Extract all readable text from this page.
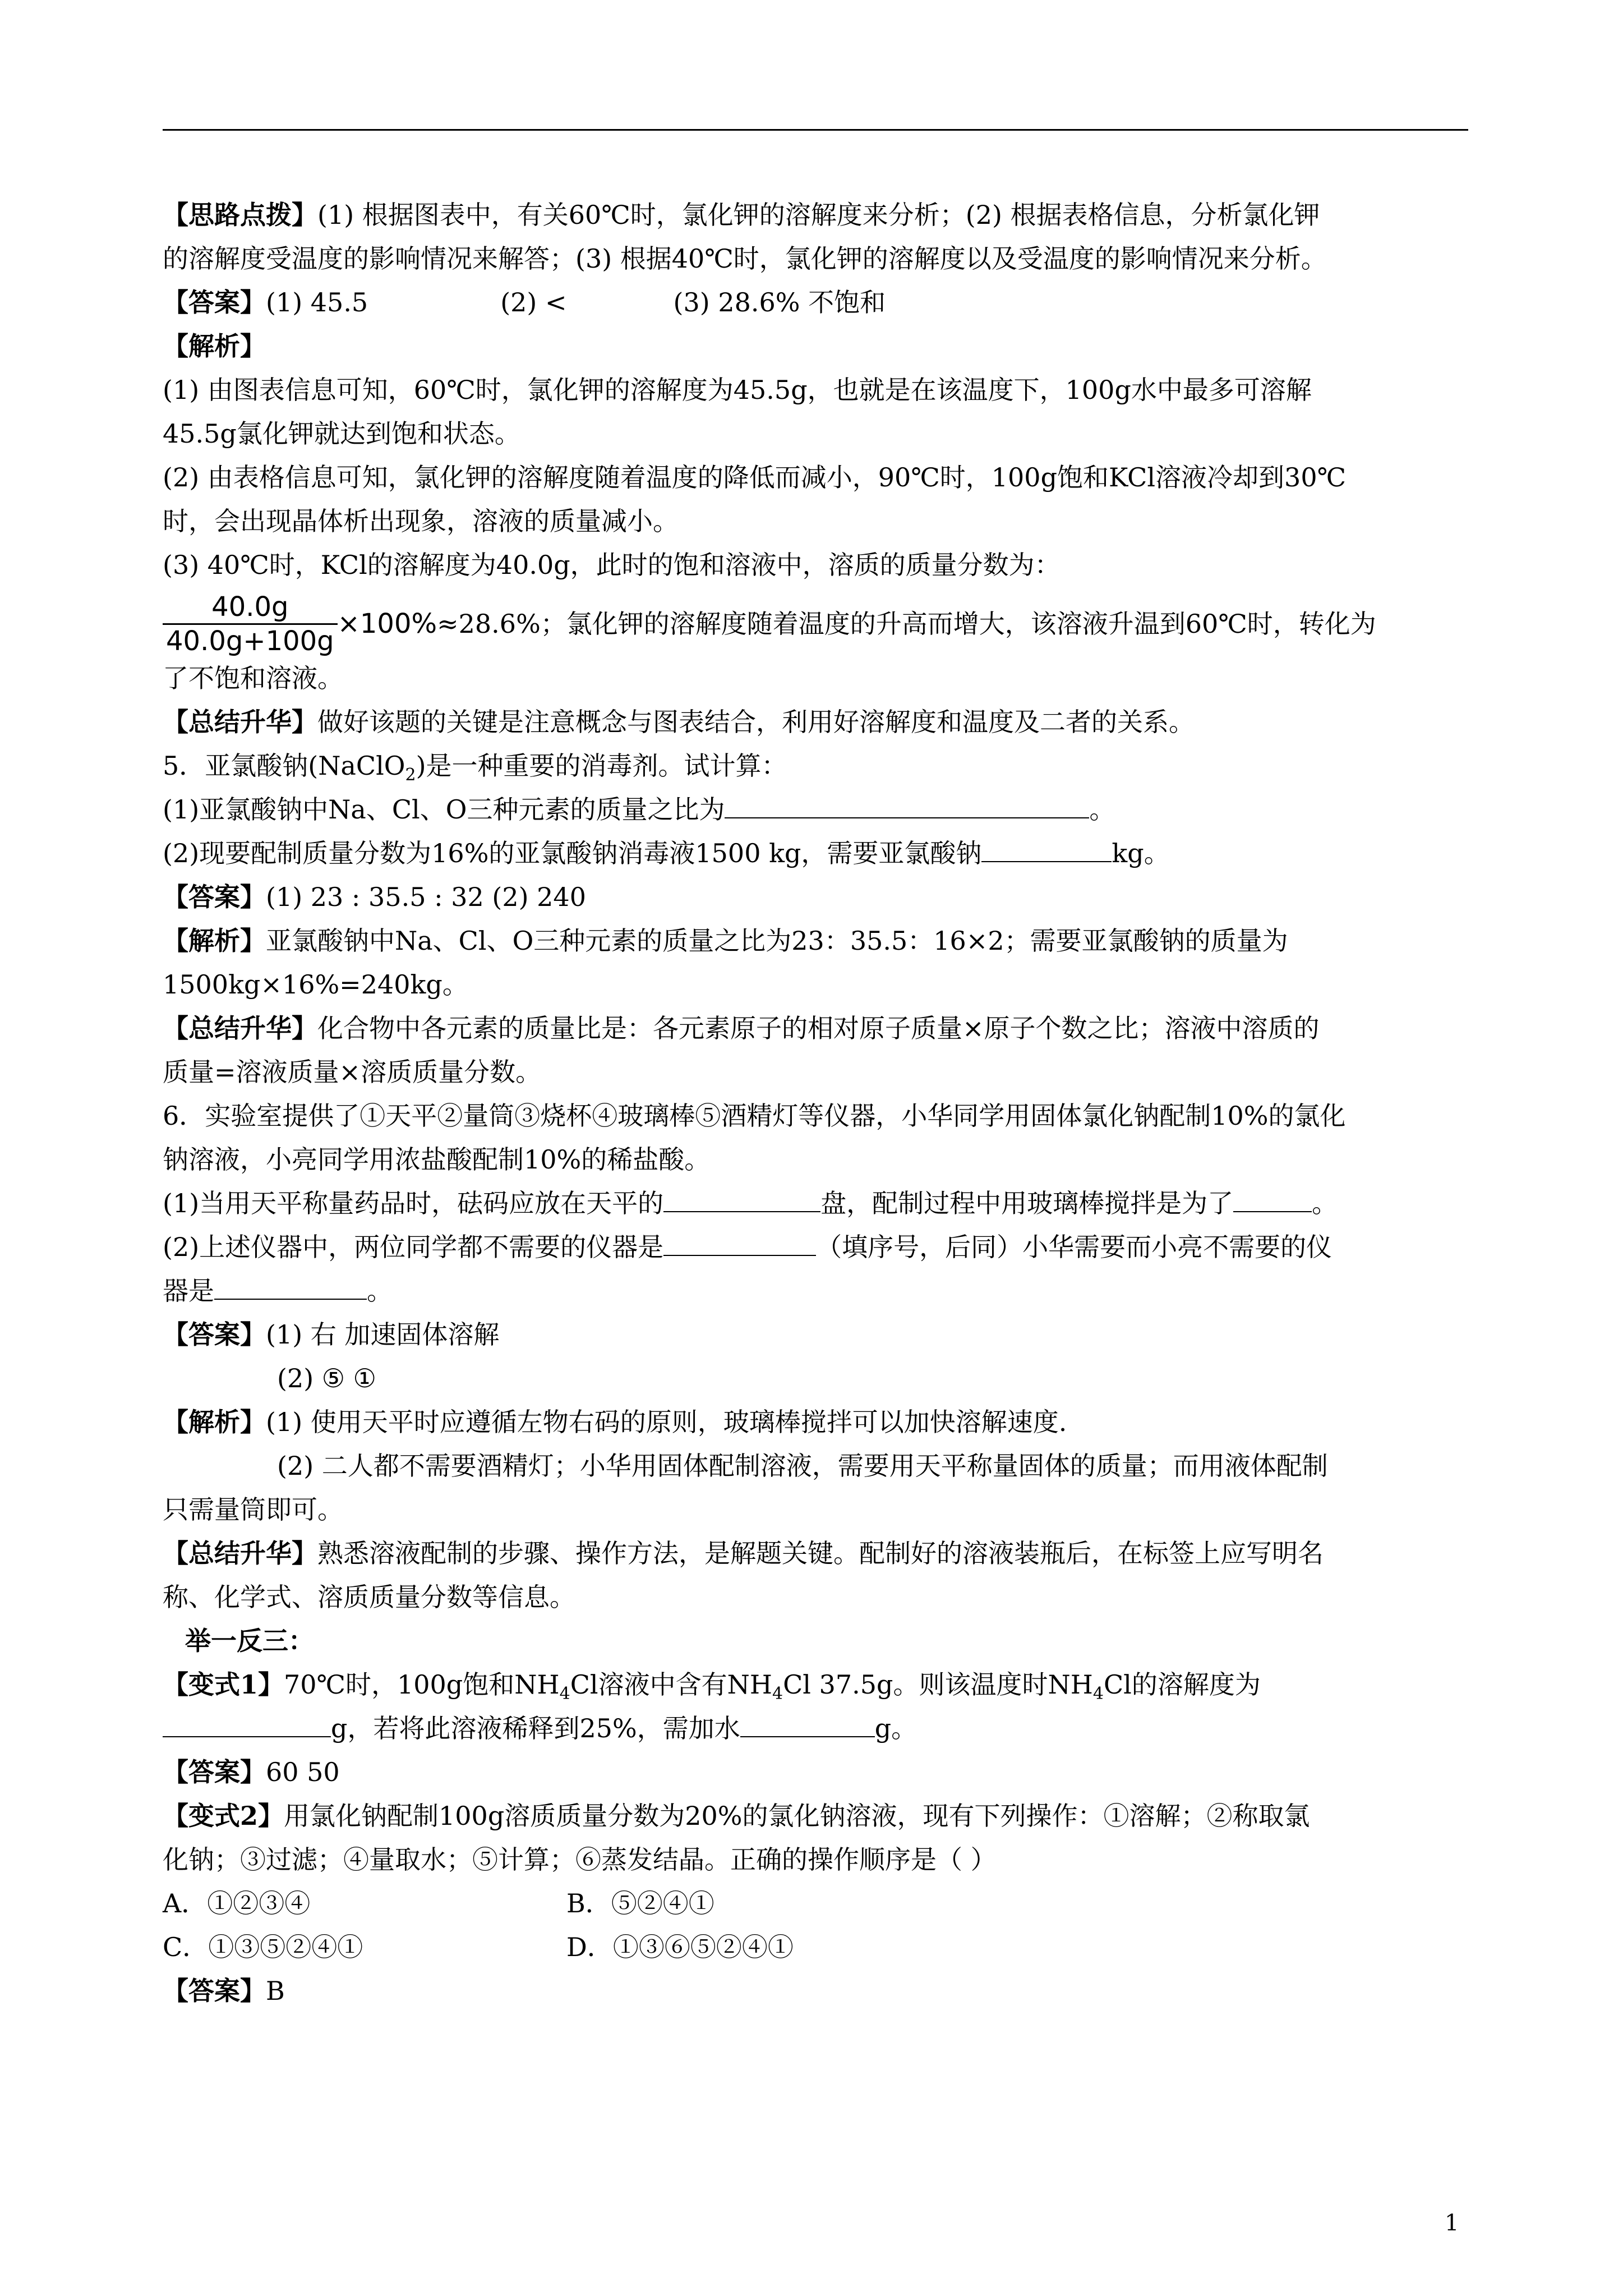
【思路点拨】(1) 根据图表中，有关60℃时，氯化钾的溶解度来分析；(2) 根据表格信息，分析氯化钾
的溶解度受温度的影响情况来解答；(3) 根据40℃时，氯化钾的溶解度以及受温度的影响情况来分析。
【答案】(1) 45.5	(2) <	(3) 28.6% 不饱和
【解析】
(1) 由图表信息可知，60℃时，氯化钾的溶解度为45.5g，也就是在该温度下，100g水中最多可溶解
45.5g氯化钾就达到饱和状态。
(2) 由表格信息可知，氯化钾的溶解度随着温度的降低而减小，90℃时，100g饱和KCl溶液冷却到30℃
时，会出现晶体析出现象，溶液的质量减小。
(3) 40℃时，KCl的溶解度为40.0g，此时的饱和溶液中，溶质的质量分数为：
$\frac{40.0g}{40.0g+100g} \times 100\%\approx 28.6\%$；氯化钾的溶解度随着温度的升高而增大，该溶液升温到60℃时，转化为
了不饱和溶液。
【总结升华】做好该题的关键是注意概念与图表结合，利用好溶解度和温度及二者的关系。
5．亚氯酸钠(NaClO$_2$)是一种重要的消毒剂。试计算：
(1)亚氯酸钠中Na、Cl、O三种元素的质量之比为	。
(2)现要配制质量分数为16%的亚氯酸钠消毒液1500 kg，需要亚氯酸钠	kg。
【答案】(1) 23 : 35.5 : 32 (2) 240
【解析】亚氯酸钠中Na、Cl、O三种元素的质量之比为23：35.5：16×2；需要亚氯酸钠的质量为
1500kg×16%=240kg。
【总结升华】化合物中各元素的质量比是：各元素原子的相对原子质量×原子个数之比；溶液中溶质的
质量=溶液质量×溶质质量分数。
6．实验室提供了①天平②量筒③烧杯④玻璃棒⑤酒精灯等仪器，小华同学用固体氯化钠配制10%的氯化
钠溶液，小亮同学用浓盐酸配制10%的稀盐酸。
(1)当用天平称量药品时，砝码应放在天平的	盘，配制过程中用玻璃棒搅拌是为了	。
(2)上述仪器中，两位同学都不需要的仪器是	（填序号，后同）小华需要而小亮不需要的仪
器是	。
【答案】(1) 右 加速固体溶解
(2) ⑤ ①
【解析】(1) 使用天平时应遵循左物右码的原则，玻璃棒搅拌可以加快溶解速度.
(2) 二人都不需要酒精灯；小华用固体配制溶液，需要用天平称量固体的质量；而用液体配制
只需量筒即可。
【总结升华】熟悉溶液配制的步骤、操作方法，是解题关键。配制好的溶液装瓶后，在标签上应写明名
称、化学式、溶质质量分数等信息。
举一反三：
【变式1】70℃时，100g饱和$NH_4Cl$溶液中含有$NH_4Cl$ 37.5g。则该温度时$NH_4Cl$的溶解度为
g，若将此溶液稀释到25%，需加水	g。
【答案】60 50
【变式2】用氯化钠配制100g溶质质量分数为20%的氯化钠溶液，现有下列操作：①溶解；②称取氯
化钠；③过滤；④量取水；⑤计算；⑥蒸发结晶。正确的操作顺序是（ ）
A．①②③④	B．⑤②④①
C．①③⑤②④①	D．①③⑥⑤②④①
【答案】B
1
